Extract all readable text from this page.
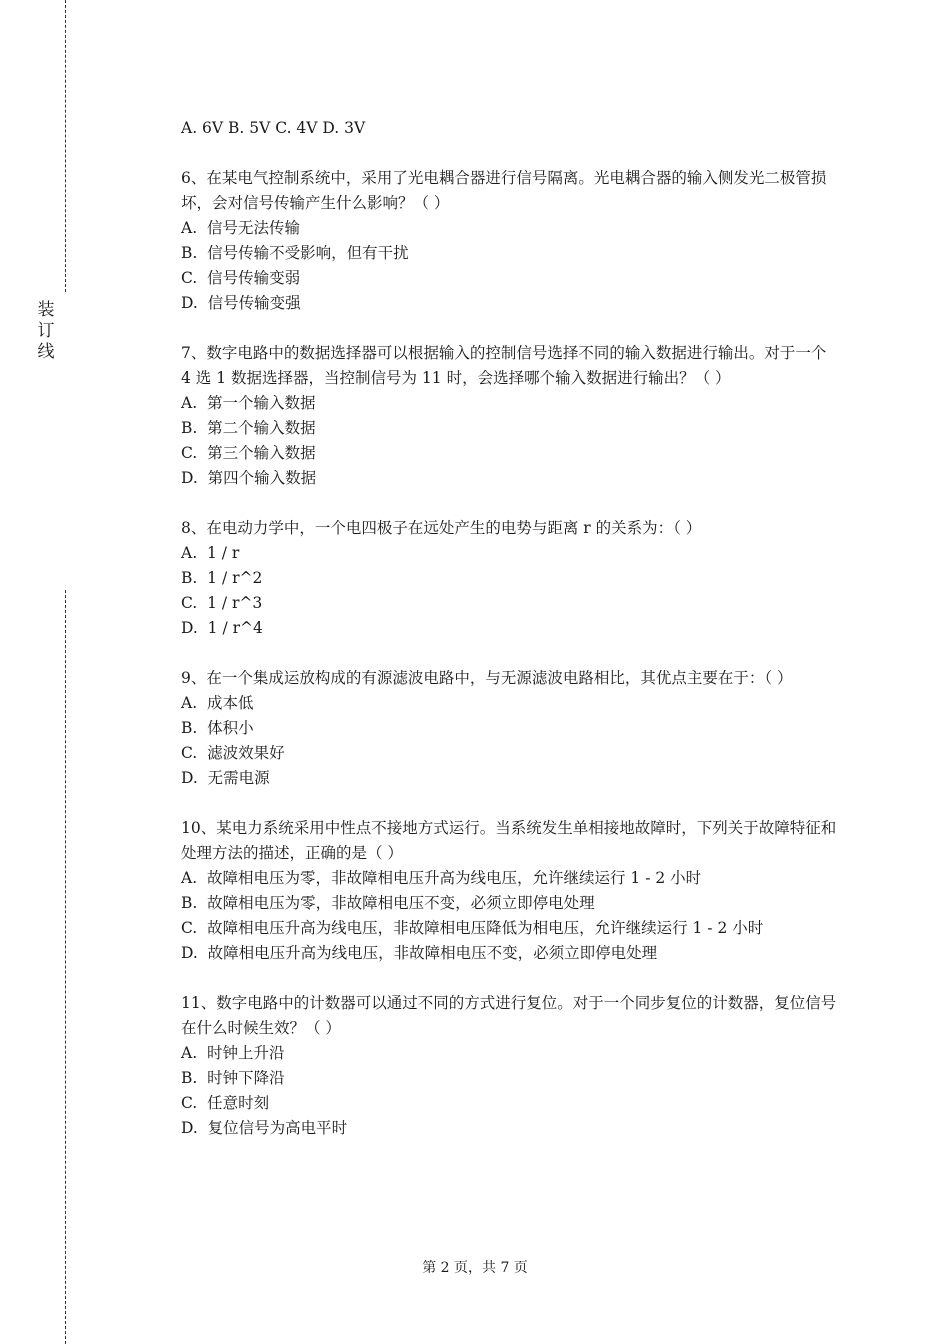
装
订
线

A. 6V B. 5V C. 4V D. 3V

6、在某电气控制系统中，采用了光电耦合器进行信号隔离。光电耦合器的输入侧发光二极管损坏，会对信号传输产生什么影响？（ ）

A.  信号无法传输

B.  信号传输不受影响，但有干扰

C.  信号传输变弱

D.  信号传输变强

7、数字电路中的数据选择器可以根据输入的控制信号选择不同的输入数据进行输出。对于一个 4 选 1 数据选择器，当控制信号为 11 时，会选择哪个输入数据进行输出？（ ）

A.  第一个输入数据

B.  第二个输入数据

C.  第三个输入数据

D.  第四个输入数据

8、在电动力学中，一个电四极子在远处产生的电势与距离 r 的关系为：（ ）

A.  1 / r

B.  1 / r^2

C.  1 / r^3

D.  1 / r^4

9、在一个集成运放构成的有源滤波电路中，与无源滤波电路相比，其优点主要在于：（ ）

A.  成本低

B.  体积小

C.  滤波效果好

D.  无需电源

10、某电力系统采用中性点不接地方式运行。当系统发生单相接地故障时，下列关于故障特征和处理方法的描述，正确的是（ ）

A.  故障相电压为零，非故障相电压升高为线电压，允许继续运行 1 - 2 小时

B.  故障相电压为零，非故障相电压不变，必须立即停电处理

C.  故障相电压升高为线电压，非故障相电压降低为相电压，允许继续运行 1 - 2 小时

D.  故障相电压升高为线电压，非故障相电压不变，必须立即停电处理

11、数字电路中的计数器可以通过不同的方式进行复位。对于一个同步复位的计数器，复位信号在什么时候生效？（ ）

A.  时钟上升沿

B.  时钟下降沿

C.  任意时刻

D.  复位信号为高电平时

第 2 页，共 7 页
